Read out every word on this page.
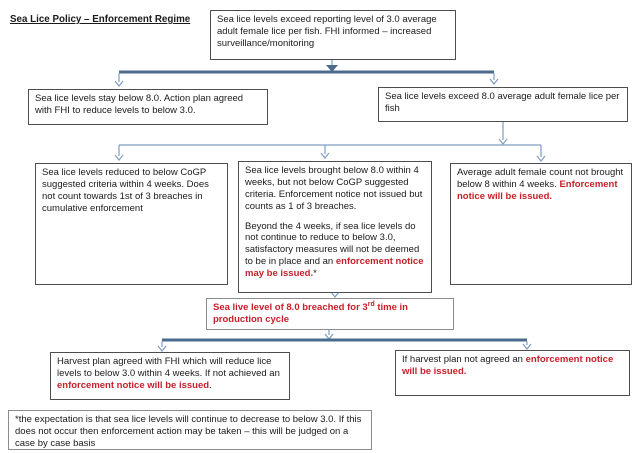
Sea Lice Policy – Enforcement Regime	Sea lice levels exceed reporting level of 3.0 average adult female lice per fish. FHI informed – increased surveillance/monitoring
Sea lice levels stay below 8.0. Action plan agreed with FHI to reduce levels to below 3.0.
Sea lice levels exceed 8.0 average adult female lice per fish
Sea lice levels reduced to below CoGP suggested criteria within 4 weeks. Does not count towards 1st of 3 breaches in cumulative enforcement
Sea lice levels brought below 8.0 within 4 weeks, but not below CoGP suggested criteria. Enforcement notice not issued but counts as 1 of 3 breaches.
Beyond the 4 weeks, if sea lice levels do not continue to reduce to below 3.0, satisfactory measures will not be deemed to be in place and an enforcement notice may be issued.*
Average adult female count not brought below 8 within 4 weeks. Enforcement notice will be issued.
Sea live level of 8.0 breached for 3rd time in production cycle
Harvest plan agreed with FHI which will reduce lice levels to below 3.0 within 4 weeks. If not achieved an enforcement notice will be issued.
If harvest plan not agreed an enforcement notice will be issued.
*the expectation is that sea lice levels will continue to decrease to below 3.0. If this does not occur then enforcement action may be taken – this will be judged on a case by case basis
